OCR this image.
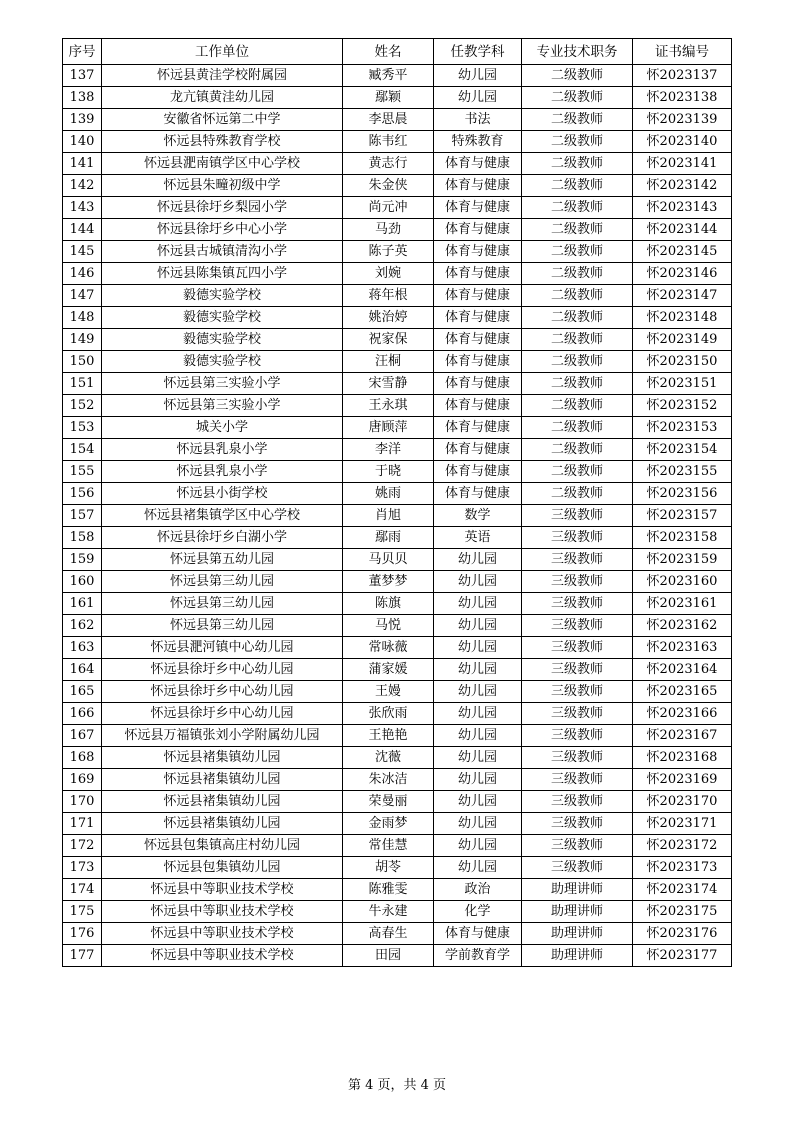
序号	工作单位	姓名	任教学科	专业技术职务	证书编号
137	怀远县黄洼学校附属园	臧秀平	幼儿园	二级教师	怀2023137
138	龙亢镇黄洼幼儿园	鄢颖	幼儿园	二级教师	怀2023138
139	安徽省怀远第二中学	李思晨	书法	二级教师	怀2023139
140	怀远县特殊教育学校	陈韦红	特殊教育	二级教师	怀2023140
141	怀远县淝南镇学区中心学校	黄志行	体育与健康	二级教师	怀2023141
142	怀远县朱疃初级中学	朱金侠	体育与健康	二级教师	怀2023142
143	怀远县徐圩乡梨园小学	尚元冲	体育与健康	二级教师	怀2023143
144	怀远县徐圩乡中心小学	马劲	体育与健康	二级教师	怀2023144
145	怀远县古城镇清沟小学	陈子英	体育与健康	二级教师	怀2023145
146	怀远县陈集镇瓦四小学	刘婉	体育与健康	二级教师	怀2023146
147	毅德实验学校	蒋年根	体育与健康	二级教师	怀2023147
148	毅德实验学校	姚治婷	体育与健康	二级教师	怀2023148
149	毅德实验学校	祝家保	体育与健康	二级教师	怀2023149
150	毅德实验学校	汪桐	体育与健康	二级教师	怀2023150
151	怀远县第三实验小学	宋雪静	体育与健康	二级教师	怀2023151
152	怀远县第三实验小学	王永琪	体育与健康	二级教师	怀2023152
153	城关小学	唐顾萍	体育与健康	二级教师	怀2023153
154	怀远县乳泉小学	李洋	体育与健康	二级教师	怀2023154
155	怀远县乳泉小学	于晓	体育与健康	二级教师	怀2023155
156	怀远县小街学校	姚雨	体育与健康	二级教师	怀2023156
157	怀远县褚集镇学区中心学校	肖旭	数学	三级教师	怀2023157
158	怀远县徐圩乡白湖小学	鄢雨	英语	三级教师	怀2023158
159	怀远县第五幼儿园	马贝贝	幼儿园	三级教师	怀2023159
160	怀远县第三幼儿园	董梦梦	幼儿园	三级教师	怀2023160
161	怀远县第三幼儿园	陈旗	幼儿园	三级教师	怀2023161
162	怀远县第三幼儿园	马悦	幼儿园	三级教师	怀2023162
163	怀远县淝河镇中心幼儿园	常咏薇	幼儿园	三级教师	怀2023163
164	怀远县徐圩乡中心幼儿园	蒲家媛	幼儿园	三级教师	怀2023164
165	怀远县徐圩乡中心幼儿园	王嫚	幼儿园	三级教师	怀2023165
166	怀远县徐圩乡中心幼儿园	张欣雨	幼儿园	三级教师	怀2023166
167	怀远县万福镇张刘小学附属幼儿园	王艳艳	幼儿园	三级教师	怀2023167
168	怀远县褚集镇幼儿园	沈薇	幼儿园	三级教师	怀2023168
169	怀远县褚集镇幼儿园	朱冰洁	幼儿园	三级教师	怀2023169
170	怀远县褚集镇幼儿园	荣曼丽	幼儿园	三级教师	怀2023170
171	怀远县褚集镇幼儿园	金雨梦	幼儿园	三级教师	怀2023171
172	怀远县包集镇高庄村幼儿园	常佳慧	幼儿园	三级教师	怀2023172
173	怀远县包集镇幼儿园	胡苓	幼儿园	三级教师	怀2023173
174	怀远县中等职业技术学校	陈雅雯	政治	助理讲师	怀2023174
175	怀远县中等职业技术学校	牛永建	化学	助理讲师	怀2023175
176	怀远县中等职业技术学校	高春生	体育与健康	助理讲师	怀2023176
177	怀远县中等职业技术学校	田园	学前教育学	助理讲师	怀2023177
第 4 页，共 4 页
